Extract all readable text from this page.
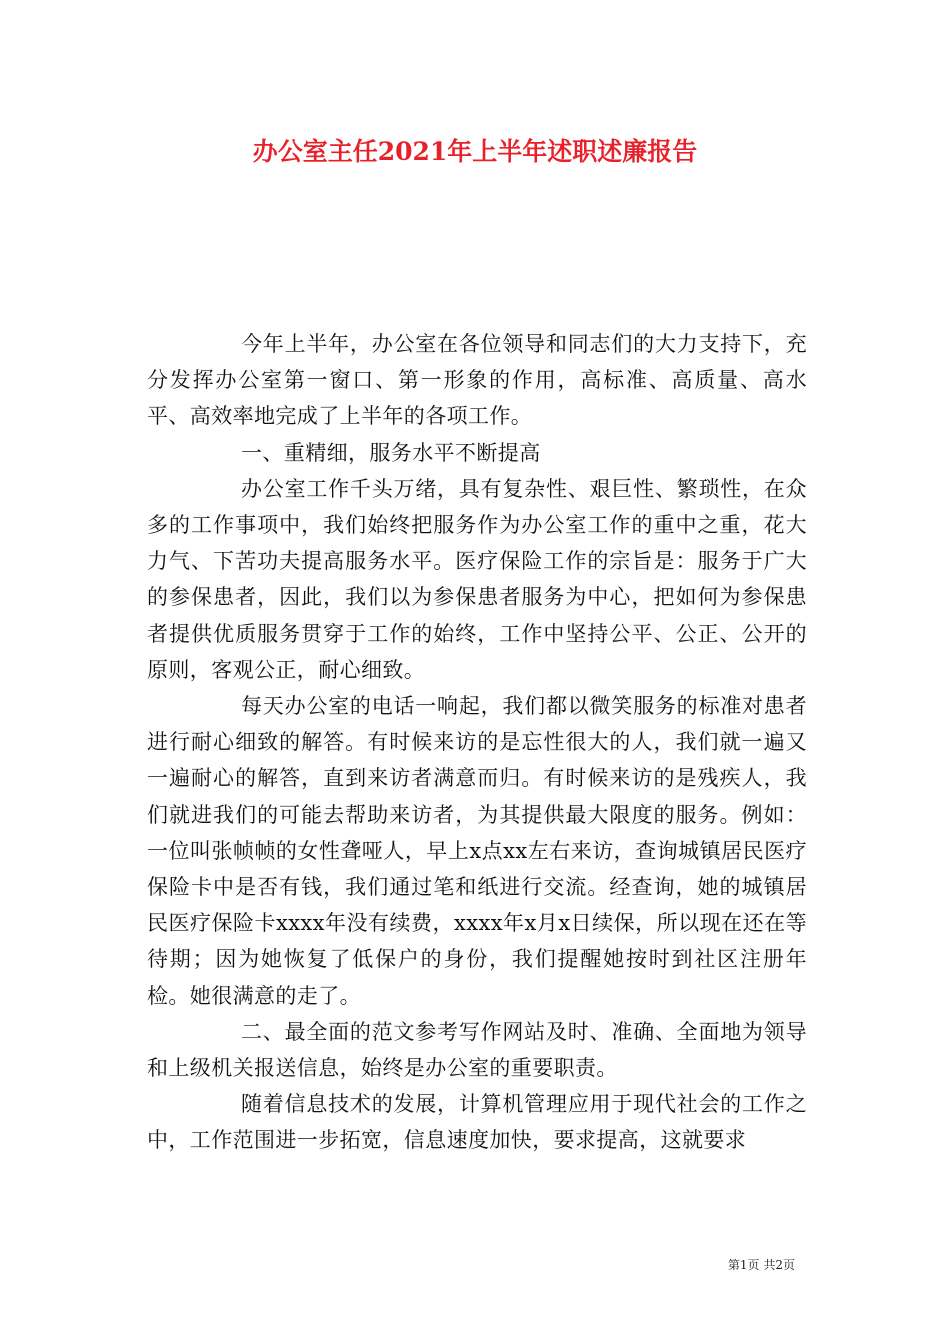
办公室主任2021年上半年述职述廉报告

今年上半年，办公室在各位领导和同志们的大力支持下，充分发挥办公室第一窗口、第一形象的作用，高标准、高质量、高水平、高效率地完成了上半年的各项工作。

一、重精细，服务水平不断提高

办公室工作千头万绪，具有复杂性、艰巨性、繁琐性，在众多的工作事项中，我们始终把服务作为办公室工作的重中之重，花大力气、下苦功夫提高服务水平。医疗保险工作的宗旨是：服务于广大的参保患者，因此，我们以为参保患者服务为中心，把如何为参保患者提供优质服务贯穿于工作的始终，工作中坚持公平、公正、公开的原则，客观公正，耐心细致。

每天办公室的电话一响起，我们都以微笑服务的标准对患者进行耐心细致的解答。有时候来访的是忘性很大的人，我们就一遍又一遍耐心的解答，直到来访者满意而归。有时候来访的是残疾人，我们就进我们的可能去帮助来访者，为其提供最大限度的服务。例如：一位叫张帧帧的女性聋哑人，早上x点xx左右来访，查询城镇居民医疗保险卡中是否有钱，我们通过笔和纸进行交流。经查询，她的城镇居民医疗保险卡xxxx年没有续费，xxxx年x月x日续保，所以现在还在等待期；因为她恢复了低保户的身份，我们提醒她按时到社区注册年检。她很满意的走了。

二、最全面的范文参考写作网站及时、准确、全面地为领导和上级机关报送信息，始终是办公室的重要职责。

随着信息技术的发展，计算机管理应用于现代社会的工作之中，工作范围进一步拓宽，信息速度加快，要求提高，这就要求

第1页 共2页
